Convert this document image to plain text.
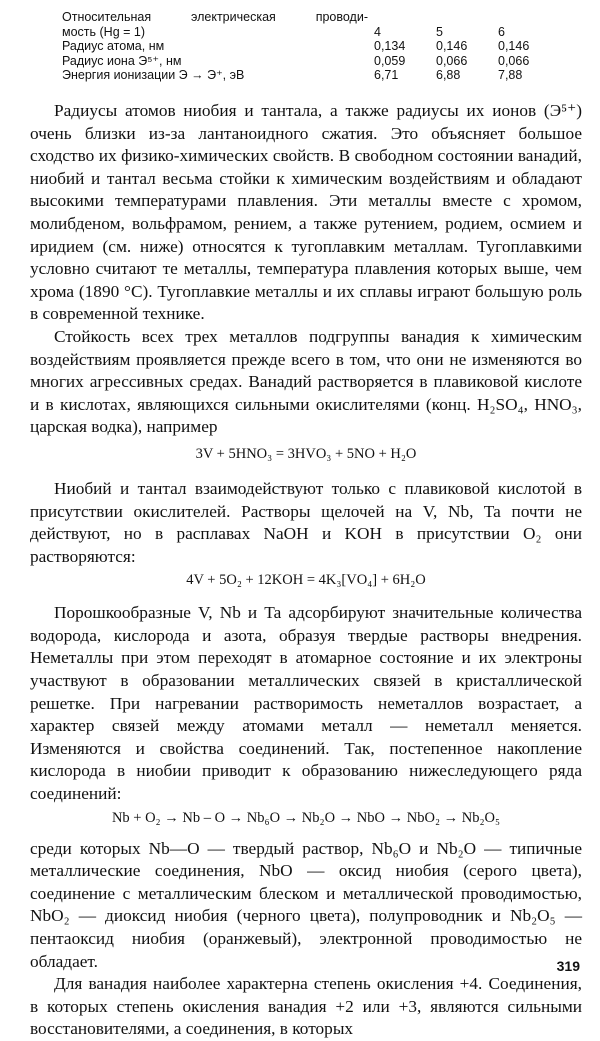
Относительная электрическая проводи-
мость (Hg = 1)	4	5	6
Радиус атома, нм	0,134 0,146 0,146
Радиус иона Э⁵⁺, нм	0,059 0,066 0,066
Энергия ионизации Э → Э⁺, эВ	6,71	6,88	7,88

Радиусы атомов ниобия и тантала, а также радиусы их ионов (Э⁵⁺) очень близки из-за лантаноидного сжатия. Это объясняет большое сходство их физико-химических свойств. В свободном состоянии ванадий, ниобий и тантал весьма стойки к химическим воздействиям и обладают высокими температурами плавления. Эти металлы вместе с хромом, молибденом, вольфрамом, рением, а также рутением, родием, осмием и иридием (см. ниже) относятся к тугоплавким металлам. Тугоплавкими условно считают те металлы, температура плавления которых выше, чем хрома (1890 °С). Тугоплавкие металлы и их сплавы играют большую роль в современной технике.

Стойкость всех трех металлов подгруппы ванадия к химическим воздействиям проявляется прежде всего в том, что они не изменяются во многих агрессивных средах. Ванадий растворяется в плавиковой кислоте и в кислотах, являющихся сильными окислителями (конц. H₂SO₄, HNO₃, царская водка), например

3V + 5HNO₃ = 3HVO₃ + 5NO + H₂O

Ниобий и тантал взаимодействуют только с плавиковой кислотой в присутствии окислителей. Растворы щелочей на V, Nb, Ta почти не действуют, но в расплавах NaOH и KOH в присутствии O₂ они растворяются:

4V + 5O₂ + 12KOH = 4K₃[VO₄] + 6H₂O

Порошкообразные V, Nb и Ta адсорбируют значительные количества водорода, кислорода и азота, образуя твердые растворы внедрения. Неметаллы при этом переходят в атомарное состояние и их электроны участвуют в образовании металлических связей в кристаллической решетке. При нагревании растворимость неметаллов возрастает, а характер связей между атомами металл — неметалл меняется. Изменяются и свойства соединений. Так, постепенное накопление кислорода в ниобии приводит к образованию нижеследующего ряда соединений:

Nb + O₂ → Nb – O → Nb₆O → Nb₂O → NbO → NbO₂ → Nb₂O₅

среди которых Nb—O — твердый раствор, Nb₆O и Nb₂O — типичные металлические соединения, NbO — оксид ниобия (серого цвета), соединение с металлическим блеском и металлической проводимостью, NbO₂ — диоксид ниобия (черного цвета), полупроводник и Nb₂O₅ — пентаоксид ниобия (оранжевый), электронной проводимостью не обладает.

Для ванадия наиболее характерна степень окисления +4. Соединения, в которых степень окисления ванадия +2 или +3, являются сильными восстановителями, а соединения, в которых

319
